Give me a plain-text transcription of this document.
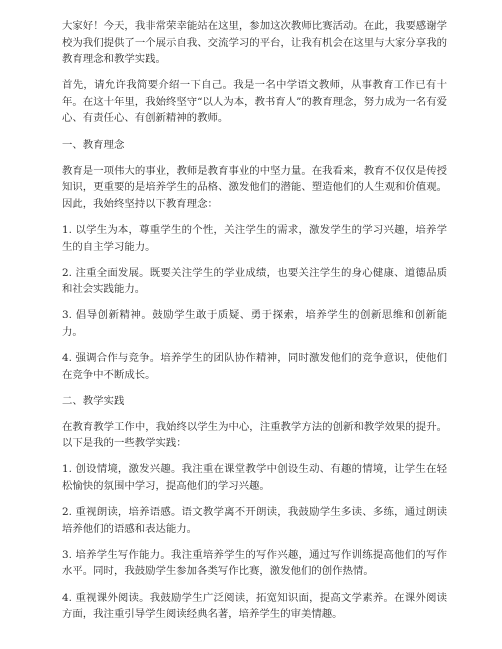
大家好！今天，我非常荣幸能站在这里，参加这次教师比赛活动。在此，我要感谢学校为我们提供了一个展示自我、交流学习的平台，让我有机会在这里与大家分享我的教育理念和教学实践。

首先，请允许我简要介绍一下自己。我是一名中学语文教师，从事教育工作已有十年。在这十年里，我始终坚守“以人为本，教书育人”的教育理念，努力成为一名有爱心、有责任心、有创新精神的教师。

一、教育理念

教育是一项伟大的事业，教师是教育事业的中坚力量。在我看来，教育不仅仅是传授知识，更重要的是培养学生的品格、激发他们的潜能、塑造他们的人生观和价值观。因此，我始终坚持以下教育理念：

1. 以学生为本，尊重学生的个性，关注学生的需求，激发学生的学习兴趣，培养学生的自主学习能力。

2. 注重全面发展。既要关注学生的学业成绩，也要关注学生的身心健康、道德品质和社会实践能力。

3. 倡导创新精神。鼓励学生敢于质疑、勇于探索，培养学生的创新思维和创新能力。

4. 强调合作与竞争。培养学生的团队协作精神，同时激发他们的竞争意识，使他们在竞争中不断成长。

二、教学实践

在教育教学工作中，我始终以学生为中心，注重教学方法的创新和教学效果的提升。以下是我的一些教学实践：

1. 创设情境，激发兴趣。我注重在课堂教学中创设生动、有趣的情境，让学生在轻松愉快的氛围中学习，提高他们的学习兴趣。

2. 重视朗读，培养语感。语文教学离不开朗读，我鼓励学生多读、多练，通过朗读培养他们的语感和表达能力。

3. 培养学生写作能力。我注重培养学生的写作兴趣，通过写作训练提高他们的写作水平。同时，我鼓励学生参加各类写作比赛，激发他们的创作热情。

4. 重视课外阅读。我鼓励学生广泛阅读，拓宽知识面，提高文学素养。在课外阅读方面，我注重引导学生阅读经典名著，培养学生的审美情趣。
